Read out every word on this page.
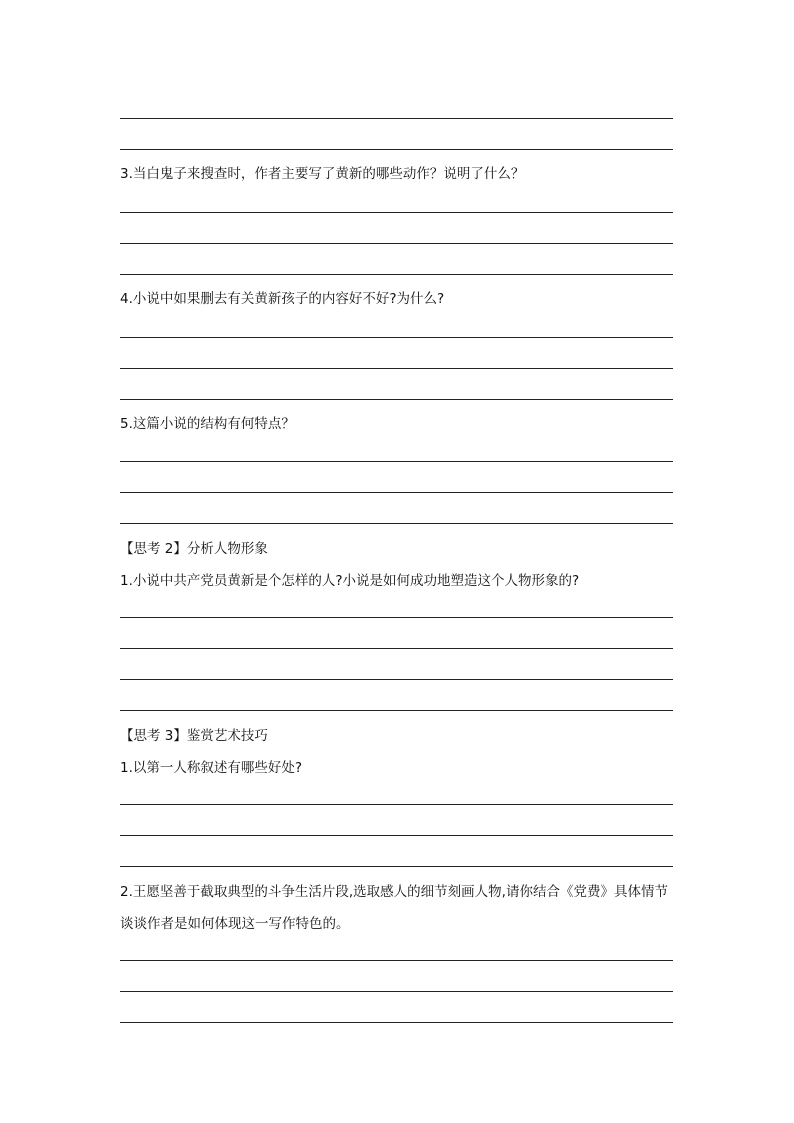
3.当白鬼子来搜查时，作者主要写了黄新的哪些动作？说明了什么？
4.小说中如果删去有关黄新孩子的内容好不好?为什么?
5.这篇小说的结构有何特点？
【思考 2】分析人物形象
1.小说中共产党员黄新是个怎样的人?小说是如何成功地塑造这个人物形象的?
【思考 3】鉴赏艺术技巧
1.以第一人称叙述有哪些好处?
2.王愿坚善于截取典型的斗争生活片段,选取感人的细节刻画人物,请你结合《党费》具体情节谈谈作者是如何体现这一写作特色的。
